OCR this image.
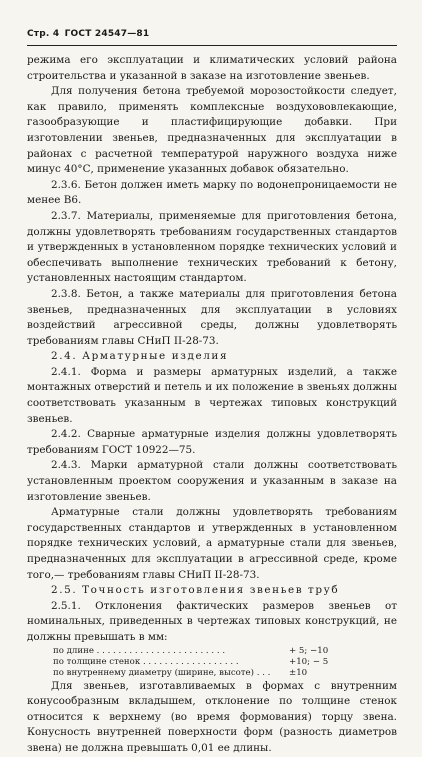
Стр. 4 ГОСТ 24547—81

режима его эксплуатации и климатических условий района строительства и указанной в заказе на изготовление звеньев.

Для получения бетона требуемой морозостойкости следует, как правило, применять комплексные воздухововлекающие, газообразующие и пластифицирующие добавки. При изготовлении звеньев, предназначенных для эксплуатации в районах с расчетной температурой наружного воздуха ниже минус 40°С, применение указанных добавок обязательно.

2.3.6. Бетон должен иметь марку по водонепроницаемости не менее В6.

2.3.7. Материалы, применяемые для приготовления бетона, должны удовлетворять требованиям государственных стандартов и утвержденных в установленном порядке технических условий и обеспечивать выполнение технических требований к бетону, установленных настоящим стандартом.

2.3.8. Бетон, а также материалы для приготовления бетона звеньев, предназначенных для эксплуатации в условиях воздействий агрессивной среды, должны удовлетворять требованиям главы СНиП II-28-73.

2.4. Арматурные изделия

2.4.1. Форма и размеры арматурных изделий, а также монтажных отверстий и петель и их положение в звеньях должны соответствовать указанным в чертежах типовых конструкций звеньев.

2.4.2. Сварные арматурные изделия должны удовлетворять требованиям ГОСТ 10922—75.

2.4.3. Марки арматурной стали должны соответствовать установленным проектом сооружения и указанным в заказе на изготовление звеньев.

Арматурные стали должны удовлетворять требованиям государственных стандартов и утвержденных в установленном порядке технических условий, а арматурные стали для звеньев, предназначенных для эксплуатации в агрессивной среде, кроме того,— требованиям главы СНиП II-28-73.

2.5. Точность изготовления звеньев труб

2.5.1. Отклонения фактических размеров звеньев от номинальных, приведенных в чертежах типовых конструкций, не должны превышать в мм:

по длине . . . . . . . . . . . . . . . . . . . . . . . .	+ 5; −10
по толщине стенок . . . . . . . . . . . . . . . . . .	+10; − 5
по внутреннему диаметру (ширине, высоте) . . .	±10

Для звеньев, изготавливаемых в формах с внутренним конусообразным вкладышем, отклонение по толщине стенок относится к верхнему (во время формования) торцу звена. Конусность внутренней поверхности форм (разность диаметров звена) не должна превышать 0,01 ее длины.
